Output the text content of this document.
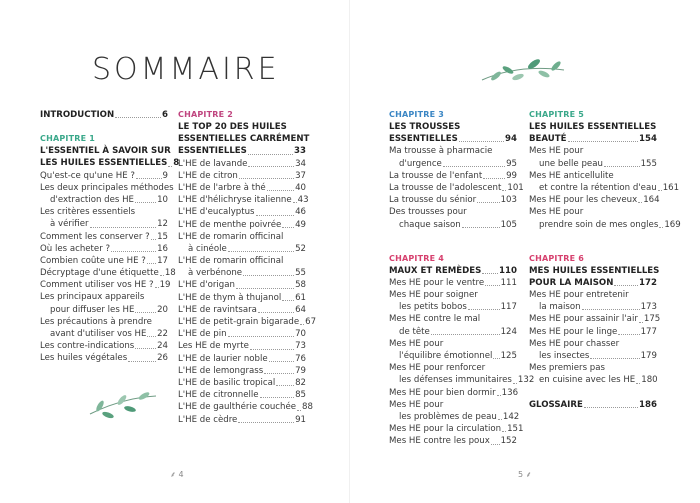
SOMMAIRE
INTRODUCTION	6
CHAPITRE 1
L'ESSENTIEL À SAVOIR SUR
LES HUILES ESSENTIELLES 8
Qu'est-ce qu'une HE ?	9
Les deux principales méthodes
d'extraction des HE	10
Les critères essentiels
à vérifier	12
Comment les conserver ? 15
Où les acheter ?	16
Combien coûte une HE ? 17
Décryptage d'une étiquette 18
Comment utiliser vos HE ? 19
Les principaux appareils
pour diffuser les HE	20
Les précautions à prendre
avant d'utiliser vos HE 22
Les contre-indications	24
Les huiles végétales	26
CHAPITRE 2
LE TOP 20 DES HUILES
ESSENTIELLES CARRÉMENT
ESSENTIELLES	33
L'HE de lavande	34
L'HE de citron	37
L'HE de l'arbre à thé	40
L'HE d'hélichryse italienne 43
L'HE d'eucalyptus	46
L'HE de menthe poivrée 49
L'HE de romarin officinal
à cinéole	52
L'HE de romarin officinal
à verbénone	55
L'HE d'origan	58
L'HE de thym à thujanol 61
L'HE de ravintsara	64
L'HE de petit-grain bigarade 67
L'HE de pin	70
Les HE de myrte	73
L'HE de laurier noble	76
L'HE de lemongrass	79
L'HE de basilic tropical 82
L'HE de citronnelle	85
L'HE de gaulthérie couchée 88
L'HE de cèdre	91
CHAPITRE 3
LES TROUSSES
ESSENTIELLES	94
Ma trousse à pharmacie
d'urgence	95
La trousse de l'enfant	99
La trousse de l'adolescent 101
La trousse du sénior	103
Des trousses pour
chaque saison	105
CHAPITRE 4
MAUX ET REMÈDES 110
Mes HE pour le ventre 111
Mes HE pour soigner
les petits bobos	117
Mes HE contre le mal
de tête	124
Mes HE pour
l'équilibre émotionnel 125
Mes HE pour renforcer
les défenses immunitaires 132
Mes HE pour bien dormir 136
Mes HE pour
les problèmes de peau 142
Mes HE pour la circulation 151
Mes HE contre les poux 152
CHAPITRE 5
LES HUILES ESSENTIELLES
BEAUTÉ	154
Mes HE pour
une belle peau	155
Mes HE anticellulite
et contre la rétention d'eau 161
Mes HE pour les cheveux 164
Mes HE pour
prendre soin de mes ongles 169
CHAPITRE 6
MES HUILES ESSENTIELLES
POUR LA MAISON	172
Mes HE pour entretenir
la maison	173
Mes HE pour assainir l'air 175
Mes HE pour le linge	177
Mes HE pour chasser
les insectes	179
Mes premiers pas
en cuisine avec les HE 180
GLOSSAIRE	186
⸙ 4	5 ⸙
